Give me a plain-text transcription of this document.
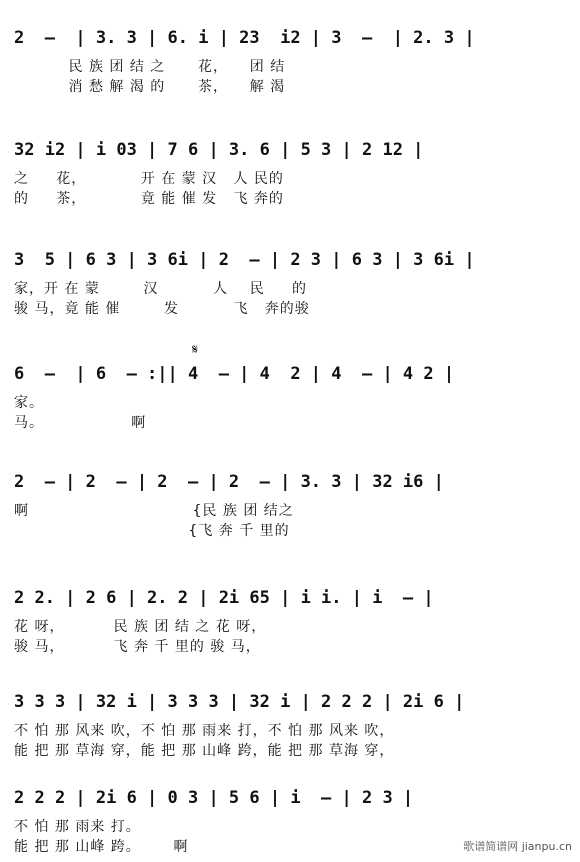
2  —  | 3. 3 | 6. i | 23  i2 | 3  —  | 2. 3 |
民 族 团 结 之      花，    团 结
消 愁 解 渴 的      茶，    解 渴
32 i2 | i 03 | 7 6 | 3. 6 | 5 3 | 2 12 |
之     花，          开 在 蒙 汉   人 民的
的     茶，          竟 能 催 发   飞 奔的
3  5 | 6 3 | 3 6i | 2  — | 2 3 | 6 3 | 3 6i |
家，开 在 蒙        汉          人    民     的
骏 马，竟 能 催        发          飞   奔的骏
𝄋
6  —  | 6  — :|| 4  — | 4  2 | 4  — | 4 2 |
家。
马。                啊
2  — | 2  — | 2  — | 2  — | 3. 3 | 32 i6 |
啊                              {民 族 团 结之
{飞 奔 千 里的
2 2. | 2 6 | 2. 2 | 2i 65 | i i. | i  — |
花 呀，         民 族 团 结 之 花 呀，
骏 马，         飞 奔 千 里的 骏 马，
3 3 3 | 32 i | 3 3 3 | 32 i | 2 2 2 | 2i 6 |
不 怕 那 风来 吹，不 怕 那 雨来 打，不 怕 那 风来 吹，
能 把 那 草海 穿，能 把 那 山峰 跨，能 把 那 草海 穿，
2 2 2 | 2i 6 | 0 3 | 5 6 | i  — | 2 3 |
不 怕 那 雨来 打。
能 把 那 山峰 跨。      啊	歌谱简谱网 jianpu.cn
